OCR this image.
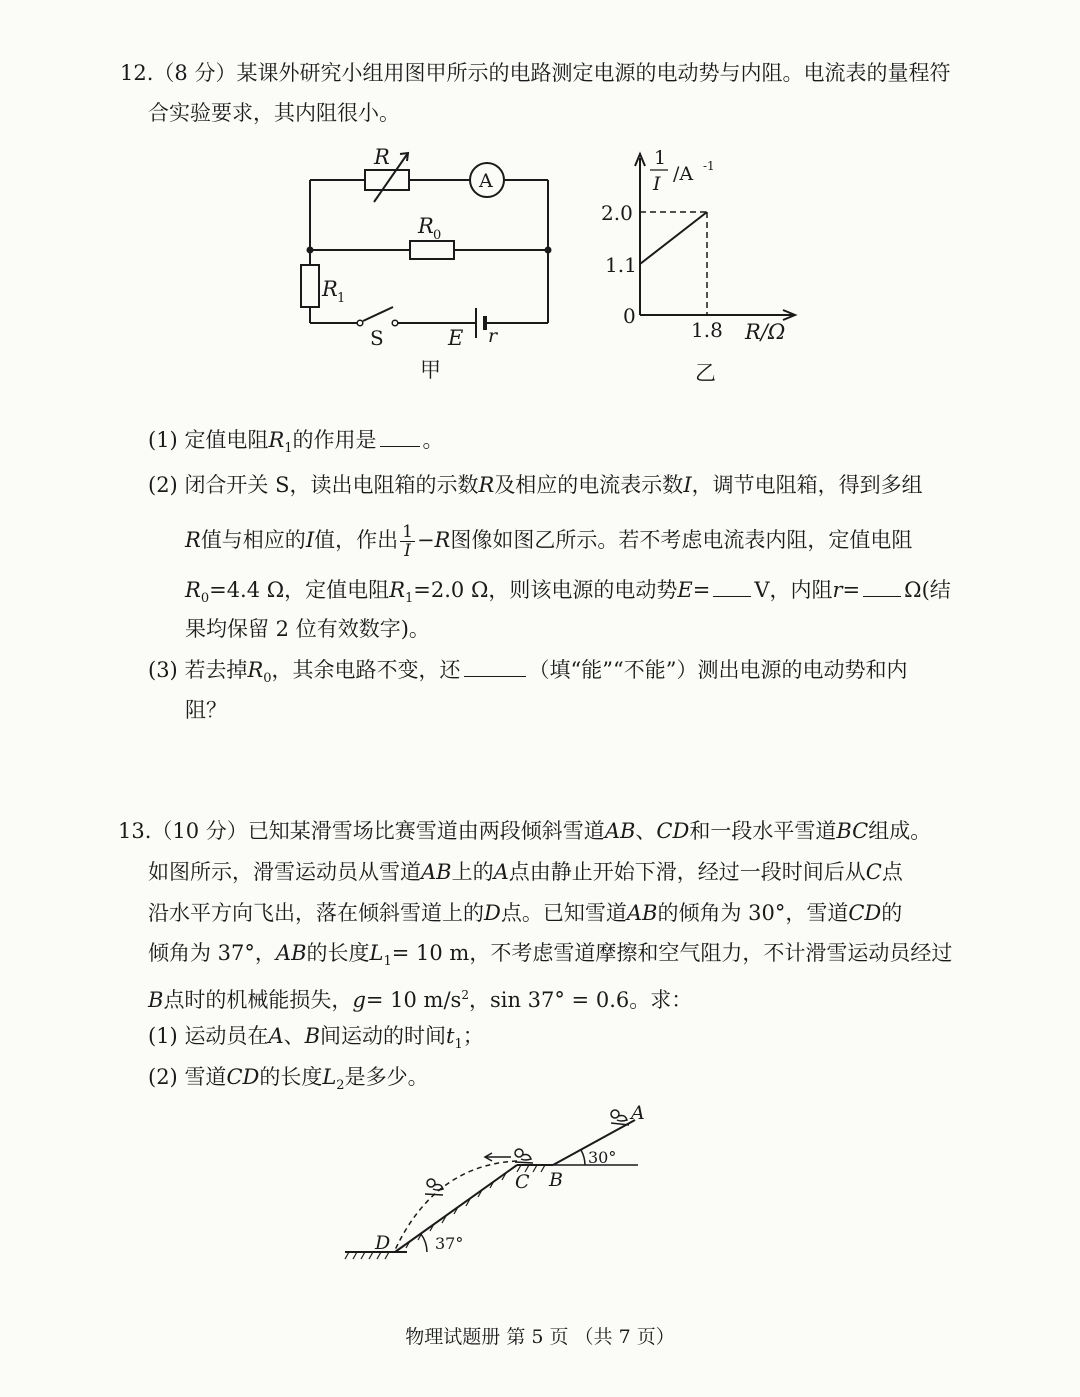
12.（8 分）某课外研究小组用图甲所示的电路测定电源的电动势与内阻。电流表的量程符
合实验要求，其内阻很小。
R
A
R 0
R 1
S	E r
甲
1
I /A -1
2.0
1.1
0
1.8 R/Ω
乙
(1) 定值电阻$R_1$的作用是 。
(2) 闭合开关 S，读出电阻箱的示数R及相应的电流表示数I，调节电阻箱，得到多组
R值与相应的I值，作出 $\frac{1}{I} -R$图像如图乙所示。若不考虑电流表内阻，定值电阻
$R_0=4.4$ Ω，定值电阻$R_1=2.0$ Ω，则该电源的电动势E= V，内阻r= Ω(结
果均保留 2 位有效数字)。
(3) 若去掉$R_0$，其余电路不变，还	（填“能”“不能”）测出电源的电动势和内
阻？
13.（10 分）已知某滑雪场比赛雪道由两段倾斜雪道AB、CD和一段水平雪道BC组成。
如图所示，滑雪运动员从雪道AB上的A点由静止开始下滑，经过一段时间后从C点
沿水平方向飞出，落在倾斜雪道上的D点。已知雪道AB的倾角为 30°，雪道CD的
倾角为 37°，AB的长度$L_1= 10$ m，不考虑雪道摩擦和空气阻力，不计滑雪运动员经过
B点时的机械能损失，g= 10 $m/s^2$，sin 37° = 0.6。求：
(1) 运动员在A、B间运动的时间$t_1$；
(2) 雪道CD的长度$L_2$是多少。
A
B
C
D
30°
37°
物理试题册 第 5 页 （共 7 页）
